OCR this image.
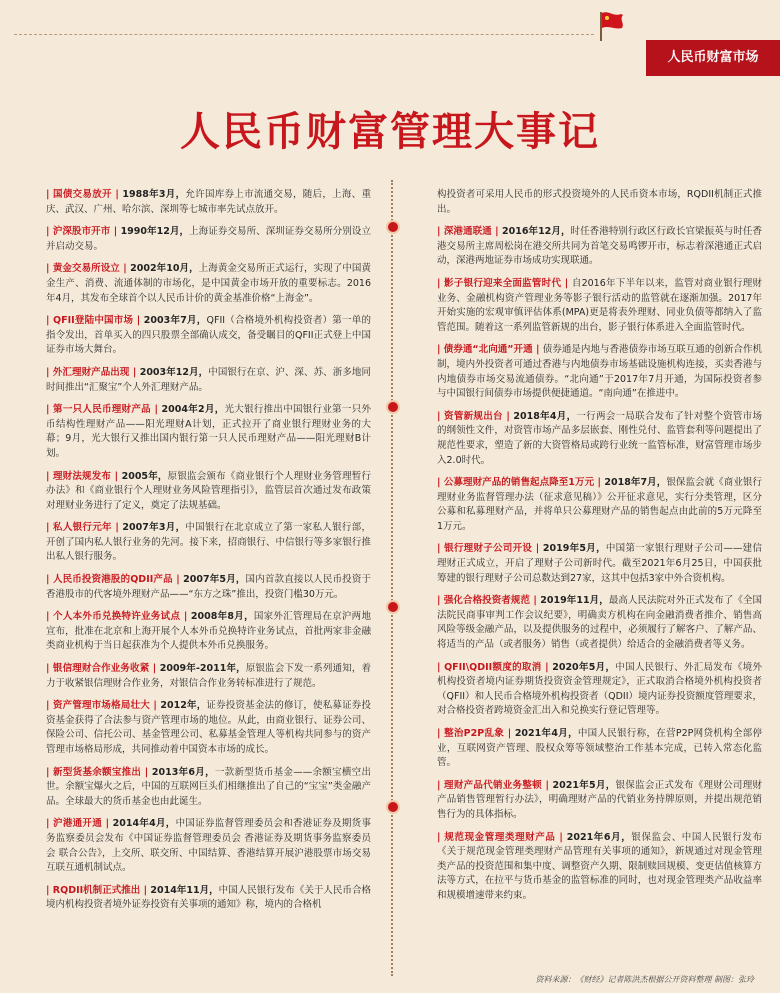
人民币财富市场
人民币财富管理大事记

| 国债交易放开 | 1988年3月，允许国库券上市流通交易，随后，上海、重庆、武汉、广州、哈尔滨、深圳等七城市率先试点放开。

| 沪深股市开市 | 1990年12月，上海证券交易所、深圳证券交易所分别设立并启动交易。

| 黄金交易所设立 | 2002年10月，上海黄金交易所正式运行，实现了中国黄金生产、消费、流通体制的市场化，是中国黄金市场开放的重要标志。2016年4月，其发布全球首个以人民币计价的黄金基准价格“上海金”。

| QFII登陆中国市场 | 2003年7月，QFII（合格境外机构投资者）第一单的指令发出，首单买入的四只股票全部确认成交，备受瞩目的QFII正式登上中国证券市场大舞台。

| 外汇理财产品出现 | 2003年12月，中国银行在京、沪、深、苏、浙多地同时间推出“汇聚宝”个人外汇理财产品。

| 第一只人民币理财产品 | 2004年2月，光大银行推出中国银行业第一只外币结构性理财产品——阳光理财A计划，正式拉开了商业银行理财业务的大幕；9月，光大银行又推出国内银行第一只人民币理财产品——阳光理财B计划。

| 理财法规发布 | 2005年，原银监会颁布《商业银行个人理财业务管理暂行办法》和《商业银行个人理财业务风险管理指引》，监管层首次通过发布政策对理财业务进行了定义，奠定了法规基础。

| 私人银行元年 | 2007年3月，中国银行在北京成立了第一家私人银行部，开创了国内私人银行业务的先河。接下来，招商银行、中信银行等多家银行推出私人银行服务。

| 人民币投资港股的QDII产品 | 2007年5月，国内首款直接以人民币投资于香港股市的代客境外理财产品——“东方之珠”推出，投资门槛30万元。

| 个人本外币兑换特许业务试点 | 2008年8月，国家外汇管理局在京沪两地宣布，批准在北京和上海开展个人本外币兑换特许业务试点，首批两家非金融类商业机构于当日起获准为个人提供本外币兑换服务。

| 银信理财合作业务收紧 | 2009年-2011年，原银监会下发一系列通知，着力于收紧银信理财合作业务，对银信合作业务转标准进行了规范。

| 资产管理市场格局壮大 | 2012年，证券投资基金法的修订，使私募证券投资基金获得了合法参与资产管理市场的地位。从此，由商业银行、证券公司、保险公司、信托公司、基金管理公司、私募基金管理人等机构共同参与的资产管理市场格局形成，共同推动着中国资本市场的成长。

| 新型货基余额宝推出 | 2013年6月，一款新型货币基金——余额宝横空出世。余额宝爆火之后，中国的互联网巨头们相继推出了自己的“宝宝”类金融产品。全球最大的货币基金也由此诞生。

| 沪港通开通 | 2014年4月，中国证券监督管理委员会和香港证券及期货事务监察委员会发布《中国证券监督管理委员会 香港证券及期货事务监察委员会 联合公告》，上交所、联交所、中国结算、香港结算开展沪港股票市场交易互联互通机制试点。

| RQDII机制正式推出 | 2014年11月，中国人民银行发布《关于人民币合格境内机构投资者境外证券投资有关事项的通知》称，境内的合格机

构投资者可采用人民币的形式投资境外的人民币资本市场，RQDII机制正式推出。

| 深港通联通 | 2016年12月，时任香港特别行政区行政长官梁振英与时任香港交易所主席周松岗在港交所共同为首笔交易鸣锣开市，标志着深港通正式启动，深港两地证券市场成功实现联通。

| 影子银行迎来全面监管时代 | 自2016年下半年以来，监管对商业银行理财业务、金融机构资产管理业务等影子银行活动的监管就在逐渐加强。2017年开始实施的宏观审慎评估体系(MPA)更是将表外理财、同业负债等都纳入了监管范围。随着这一系列监管新规的出台，影子银行体系进入全面监管时代。

| 债券通“北向通”开通 | 债券通是内地与香港债券市场互联互通的创新合作机制，境内外投资者可通过香港与内地债券市场基础设施机构连接，买卖香港与内地债券市场交易流通债券。“北向通”于2017年7月开通，为国际投资者参与中国银行间债券市场提供便捷通道。“南向通”在推进中。

| 资管新规出台 | 2018年4月，一行两会一局联合发布了针对整个资管市场的纲领性文件，对资管市场产品多层嵌套、刚性兑付、监管套利等问题提出了规范性要求，塑造了新的大资管格局或跨行业统一监管标准，财富管理市场步入2.0时代。

| 公募理财产品的销售起点降至1万元 | 2018年7月，银保监会就《商业银行理财业务监督管理办法（征求意见稿）》公开征求意见，实行分类管理，区分公募和私募理财产品，并将单只公募理财产品的销售起点由此前的5万元降至1万元。

| 银行理财子公司开设 | 2019年5月，中国第一家银行理财子公司——建信理财正式成立，开启了理财子公司新时代。截至2021年6月25日，中国获批筹建的银行理财子公司总数达到27家，这其中包括3家中外合资机构。

| 强化合格投资者规范 | 2019年11月，最高人民法院对外正式发布了《全国法院民商事审判工作会议纪要》，明确卖方机构在向金融消费者推介、销售高风险等级金融产品，以及提供服务的过程中，必须履行了解客户、了解产品、将适当的产品（或者服务）销售（或者提供）给适合的金融消费者等义务。

| QFII\QDII额度的取消 | 2020年5月，中国人民银行、外汇局发布《境外机构投资者境内证券期货投资资金管理规定》，正式取消合格境外机构投资者（QFII）和人民币合格境外机构投资者（QDII）境内证券投资额度管理要求，对合格投资者跨境资金汇出入和兑换实行登记管理等。

| 整治P2P乱象 | 2021年4月，中国人民银行称，在营P2P网贷机构全部停业，互联网资产管理、股权众筹等领域整治工作基本完成，已转入常态化监管。

| 理财产品代销业务整顿 | 2021年5月，银保监会正式发布《理财公司理财产品销售管理暂行办法》，明确理财产品的代销业务持牌原则，并提出规范销售行为的具体指标。

| 规范现金管理类理财产品 | 2021年6月，银保监会、中国人民银行发布《关于规范现金管理类理财产品管理有关事项的通知》，新规通过对现金管理类产品的投资范围和集中度、调整资产久期、限制赎回规模、变更估值核算方法等方式，在拉平与货币基金的监管标准的同时，也对现金管理类产品收益率和规模增速带来约束。

资料来源：《财经》记者陈洪杰根据公开资料整理 制图：张玲
